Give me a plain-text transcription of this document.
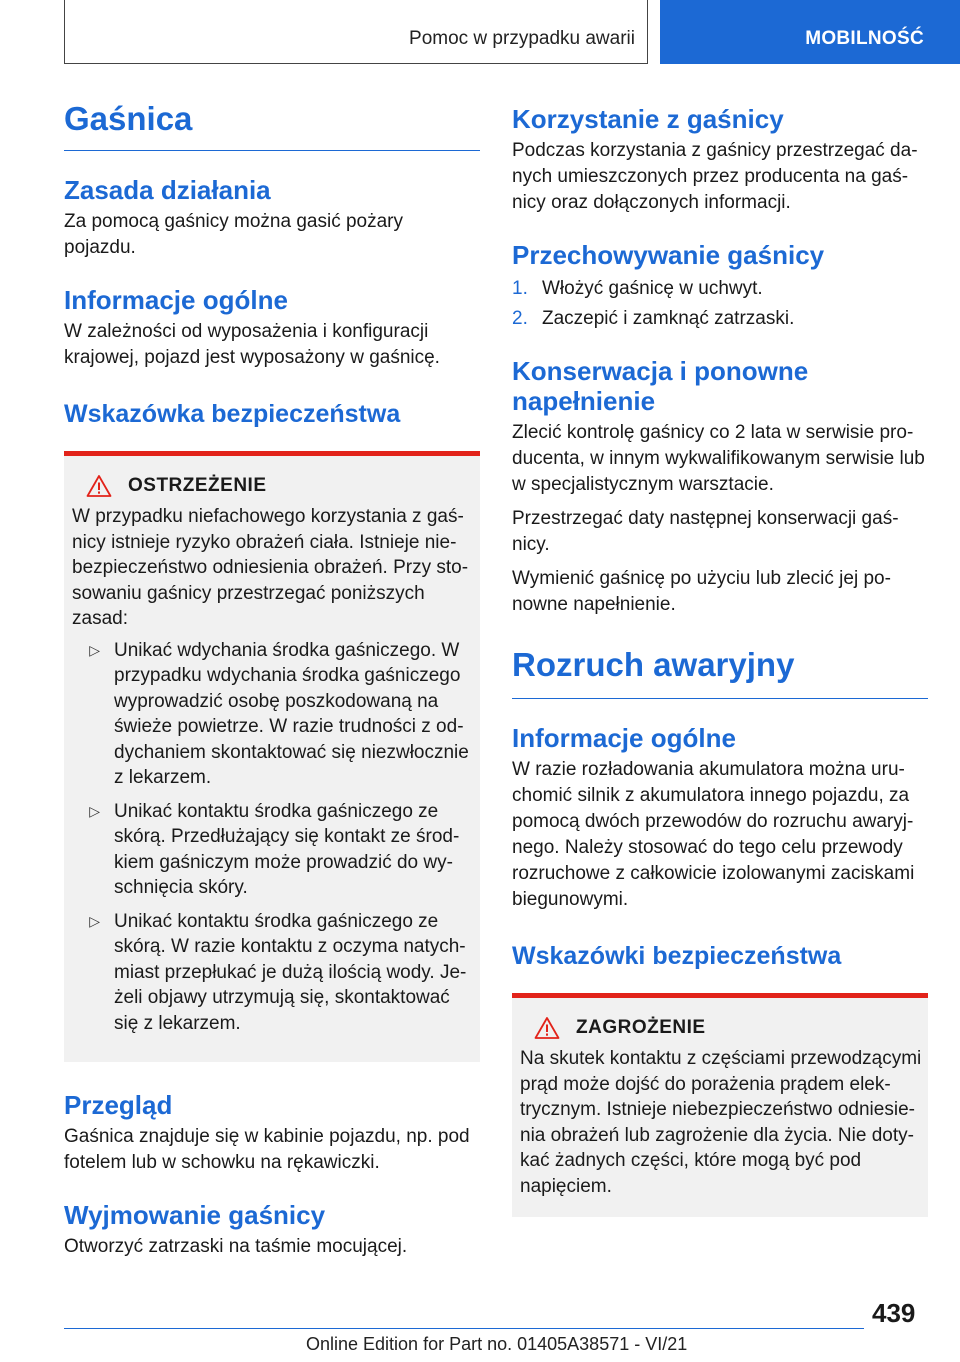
Pomoc w przypadku awarii	MOBILNOŚĆ
Gaśnica
Zasada działania

Za pomocą gaśnicy można gasić pożary pojazdu.

Informacje ogólne

W zależności od wyposażenia i konfiguracji krajowej, pojazd jest wyposażony w gaśnicę.

Wskazówka bezpieczeństwa
OSTRZEŻENIE

W przypadku niefachowego korzystania z gaśnicy istnieje ryzyko obrażeń ciała. Istnieje niebezpieczeństwo odniesienia obrażeń. Przy stosowaniu gaśnicy przestrzegać poniższych zasad:

▷ Unikać wdychania środka gaśniczego. W przypadku wdychania środka gaśniczego wyprowadzić osobę poszkodowaną na świeże powietrze. W razie trudności z oddychaniem skontaktować się niezwłocznie z lekarzem.
▷ Unikać kontaktu środka gaśniczego ze skórą. Przedłużający się kontakt ze środkiem gaśniczym może prowadzić do wyschnięcia skóry.
▷ Unikać kontaktu środka gaśniczego ze skórą. W razie kontaktu z oczyma natychmiast przepłukać je dużą ilością wody. Jeżeli objawy utrzymują się, skontaktować się z lekarzem.
Przegląd

Gaśnica znajduje się w kabinie pojazdu, np. pod fotelem lub w schowku na rękawiczki.

Wyjmowanie gaśnicy

Otworzyć zatrzaski na taśmie mocującej.

Korzystanie z gaśnicy

Podczas korzystania z gaśnicy przestrzegać danych umieszczonych przez producenta na gaśnicy oraz dołączonych informacji.

Przechowywanie gaśnicy
1. Włożyć gaśnicę w uchwyt.
2. Zaczepić i zamknąć zatrzaski.
Konserwacja i ponowne napełnienie

Zlecić kontrolę gaśnicy co 2 lata w serwisie producenta, w innym wykwalifikowanym serwisie lub w specjalistycznym warsztacie.

Przestrzegać daty następnej konserwacji gaśnicy.

Wymienić gaśnicę po użyciu lub zlecić jej ponowne napełnienie.

Rozruch awaryjny
Informacje ogólne

W razie rozładowania akumulatora można uruchomić silnik z akumulatora innego pojazdu, za pomocą dwóch przewodów do rozruchu awaryjnego. Należy stosować do tego celu przewody rozruchowe z całkowicie izolowanymi zaciskami biegunowymi.

Wskazówki bezpieczeństwa
ZAGROŻENIE

Na skutek kontaktu z częściami przewodzącymi prąd może dojść do porażenia prądem elektrycznym. Istnieje niebezpieczeństwo odniesienia obrażeń lub zagrożenie dla życia. Nie dotykać żadnych części, które mogą być pod napięciem.

439
Online Edition for Part no. 01405A38571 - VI/21
